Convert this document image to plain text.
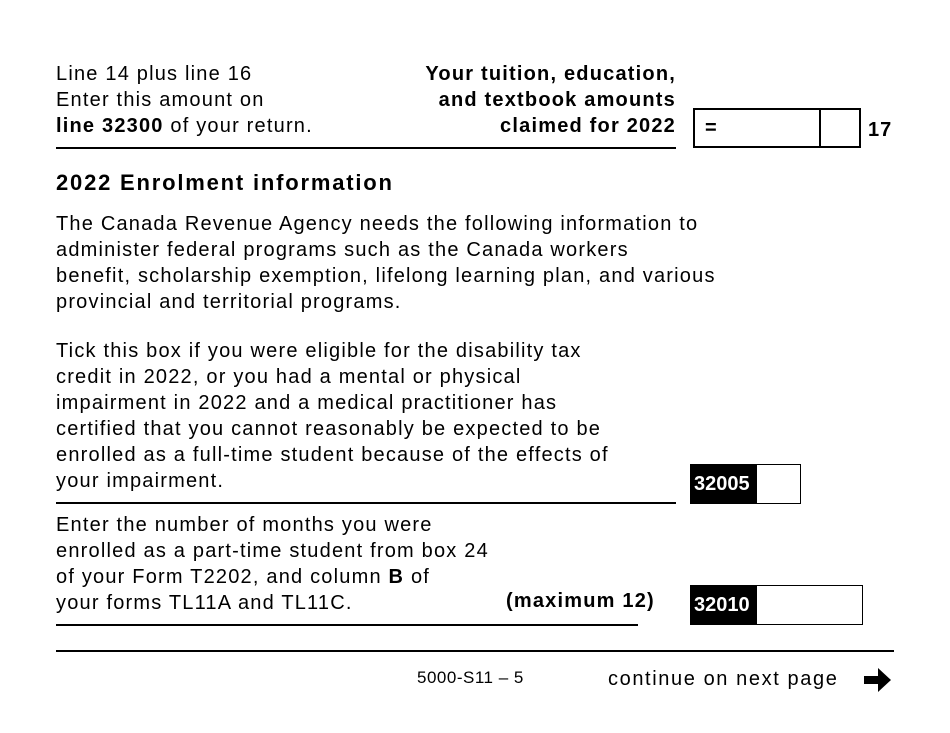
Line 14 plus line 16
Enter this amount on
line 32300 of your return.
Your tuition, education,
and textbook amounts
claimed for 2022 =	17
2022 Enrolment information
The Canada Revenue Agency needs the following information to
administer federal programs such as the Canada workers
benefit, scholarship exemption, lifelong learning plan, and various
provincial and territorial programs.
Tick this box if you were eligible for the disability tax
credit in 2022, or you had a mental or physical
impairment in 2022 and a medical practitioner has
certified that you cannot reasonably be expected to be
enrolled as a full-time student because of the effects of
your impairment.	32005
Enter the number of months you were
enrolled as a part-time student from box 24
of your Form T2202, and column B of
your forms TL11A and TL11C.	(maximum 12) 32010
5000-S11 – 5	continue on next page
